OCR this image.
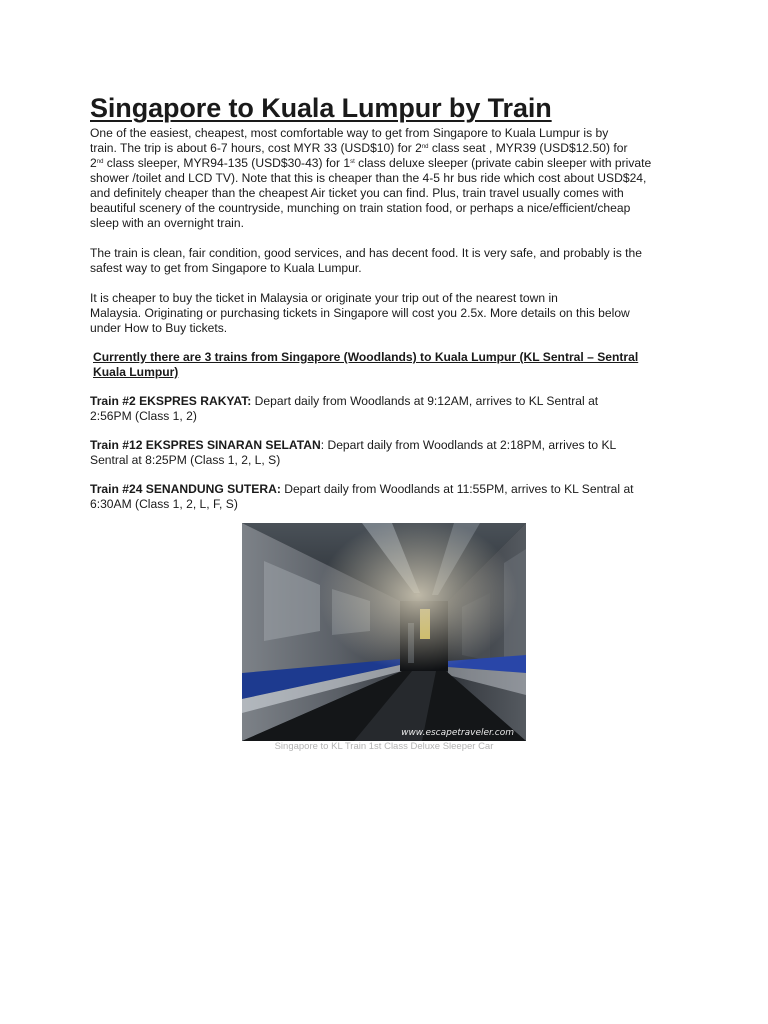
Singapore to Kuala Lumpur by Train

One of the easiest, cheapest, most comfortable way to get from Singapore to Kuala Lumpur is by

train. The trip is about 6-7 hours, cost MYR 33 (USD$10) for 2nd class seat , MYR39 (USD$12.50) for

2nd class sleeper, MYR94-135 (USD$30-43) for 1st class deluxe sleeper (private cabin sleeper with private

shower /toilet and LCD TV). Note that this is cheaper than the 4-5 hr bus ride which cost about USD$24,

and definitely cheaper than the cheapest Air ticket you can find. Plus, train travel usually comes with

beautiful scenery of the countryside, munching on train station food, or perhaps a nice/efficient/cheap

sleep with an overnight train.

The train is clean, fair condition, good services, and has decent food. It is very safe, and probably is the

safest way to get from Singapore to Kuala Lumpur.

It is cheaper to buy the ticket in Malaysia or originate your trip out of the nearest town in

Malaysia. Originating or purchasing tickets in Singapore will cost you 2.5x. More details on this below

under How to Buy tickets.

Currently there are 3 trains from Singapore (Woodlands) to Kuala Lumpur (KL Sentral – Sentral

Kuala Lumpur)

Train #2 EKSPRES RAKYAT: Depart daily from Woodlands at 9:12AM, arrives to KL Sentral at

2:56PM (Class 1, 2)

Train #12 EKSPRES SINARAN SELATAN: Depart daily from Woodlands at 2:18PM, arrives to KL

Sentral at 8:25PM (Class 1, 2, L, S)

Train #24 SENANDUNG SUTERA: Depart daily from Woodlands at 11:55PM, arrives to KL Sentral at

6:30AM (Class 1, 2, L, F, S)

www.escapetraveler.com
Singapore to KL Train 1st Class Deluxe Sleeper Car
